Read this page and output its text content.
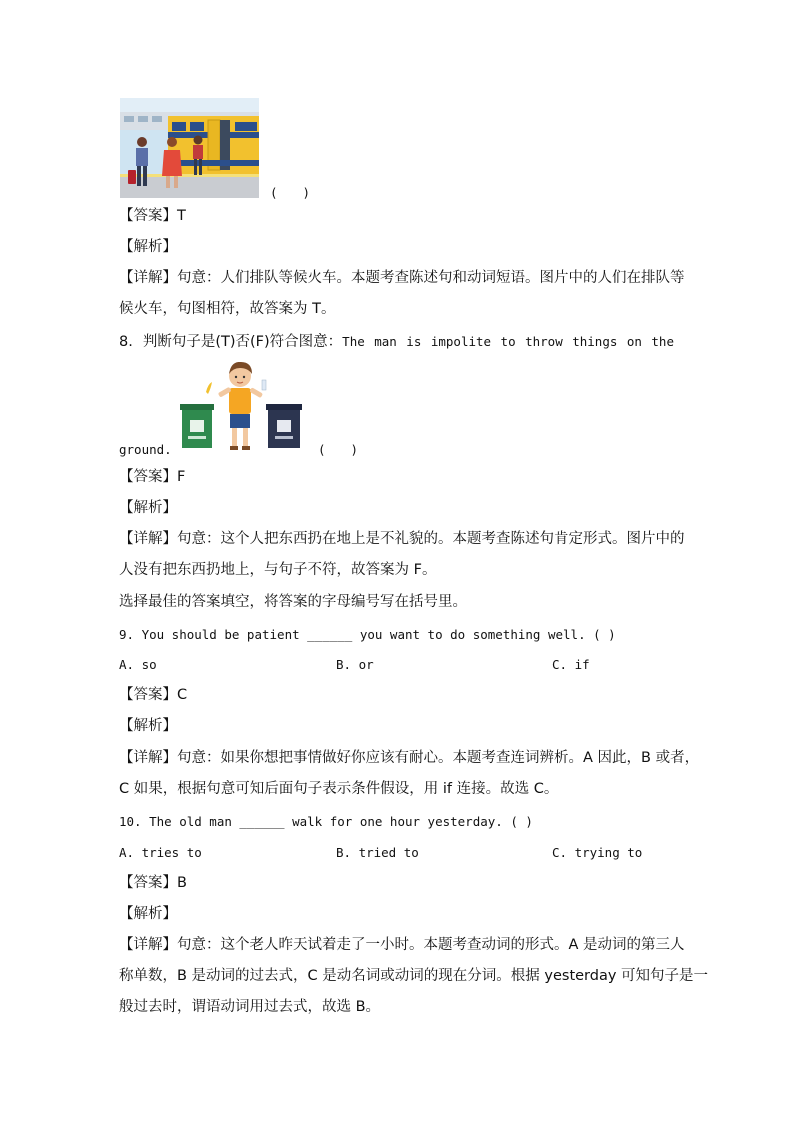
(　　)
【答案】T
【解析】
【详解】句意：人们排队等候火车。本题考查陈述句和动词短语。图片中的人们在排队等
候火车，句图相符，故答案为 T。
8. 判断句子是(T)否(F)符合图意： The man is impolite to throw things on the
ground.	(　　)
【答案】F
【解析】
【详解】句意：这个人把东西扔在地上是不礼貌的。本题考查陈述句肯定形式。图片中的
人没有把东西扔地上，与句子不符，故答案为 F。
选择最佳的答案填空，将答案的字母编号写在括号里。
9. You should be patient ______ you want to do something well. ( )
A. so	B. or	C. if
【答案】C
【解析】
【详解】句意：如果你想把事情做好你应该有耐心。本题考查连词辨析。A 因此，B 或者，
C 如果，根据句意可知后面句子表示条件假设，用 if 连接。故选 C。
10. The old man ______ walk for one hour yesterday. ( )
A. tries to	B. tried to	C. trying to
【答案】B
【解析】
【详解】句意：这个老人昨天试着走了一小时。本题考查动词的形式。A 是动词的第三人
称单数，B 是动词的过去式，C 是动名词或动词的现在分词。根据 yesterday 可知句子是一
般过去时，谓语动词用过去式，故选 B。
